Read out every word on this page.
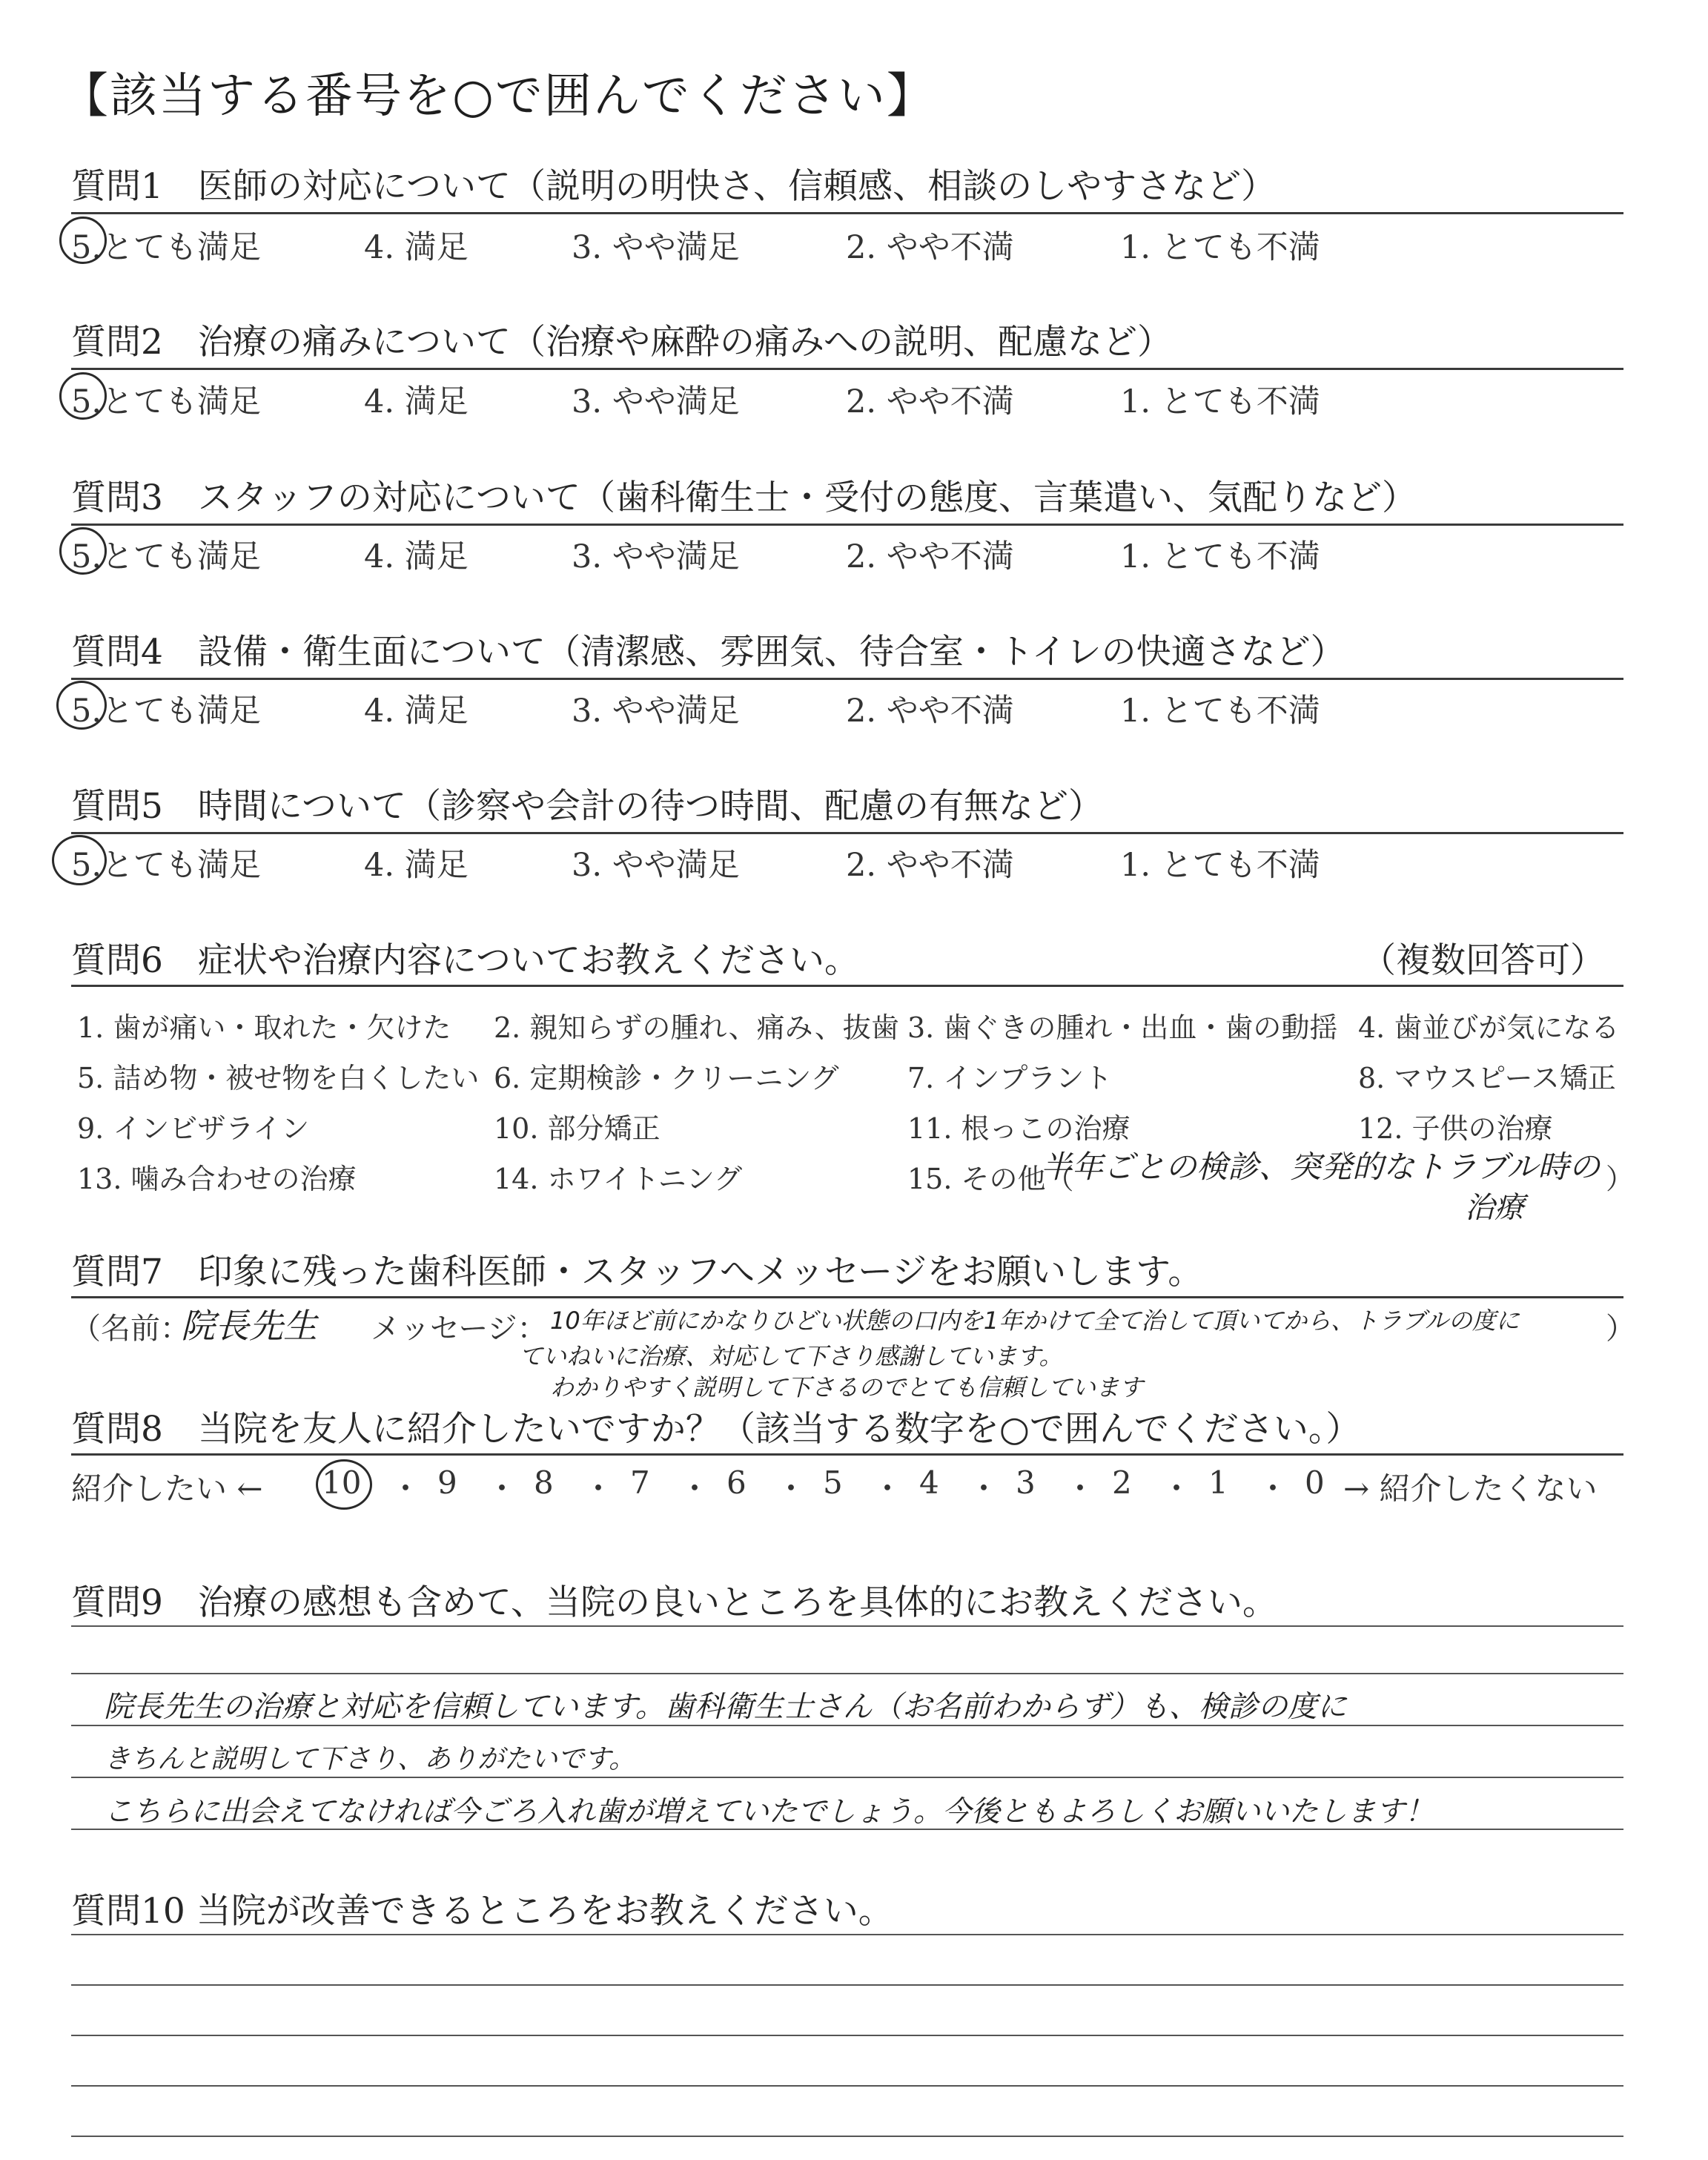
【該当する番号を○で囲んでください】
質問1　医師の対応について（説明の明快さ、信頼感、相談のしやすさなど）
5.とても満足	4. 満足	3. やや満足	2. やや不満	1. とても不満
質問2　治療の痛みについて（治療や麻酔の痛みへの説明、配慮など）
5.とても満足	4. 満足	3. やや満足	2. やや不満	1. とても不満
質問3　スタッフの対応について（歯科衛生士・受付の態度、言葉遣い、気配りなど）
5.とても満足	4. 満足	3. やや満足	2. やや不満	1. とても不満
質問4　設備・衛生面について（清潔感、雰囲気、待合室・トイレの快適さなど）
5.とても満足	4. 満足	3. やや満足	2. やや不満	1. とても不満
質問5　時間について（診察や会計の待つ時間、配慮の有無など）
5.とても満足	4. 満足	3. やや満足	2. やや不満	1. とても不満
質問6　症状や治療内容についてお教えください。	（複数回答可）
1. 歯が痛い・取れた・欠けた 2. 親知らずの腫れ、痛み、抜歯 3. 歯ぐきの腫れ・出血・歯の動揺 4. 歯並びが気になる
5. 詰め物・被せ物を白くしたい 6. 定期検診・クリーニング 7. インプラント	8. マウスピース矯正
9. インビザライン	10. 部分矯正	11. 根っこの治療	12. 子供の治療
13. 噛み合わせの治療	14. ホワイトニング	15. その他（
半年ごとの検診、突発的なトラブル時の
治療
）
質問7　印象に残った歯科医師・スタッフへメッセージをお願いします。
（名前：
院長先生 メッセージ： 10年ほど前にかなりひどい状態の口内を1年かけて全て治して頂いてから、トラブルの度に
ていねいに治療、対応して下さり感謝しています。
わかりやすく説明して下さるのでとても信頼しています
）
質問8　当院を友人に紹介したいですか？（該当する数字を○で囲んでください。）
紹介したい ← 10 ・ 9 ・ 8 ・ 7 ・ 6 ・ 5 ・ 4 ・ 3 ・ 2 ・ 1 ・ 0 → 紹介したくない
質問9　治療の感想も含めて、当院の良いところを具体的にお教えください。
院長先生の治療と対応を信頼しています。歯科衛生士さん（お名前わからず）も、検診の度に
きちんと説明して下さり、ありがたいです。
こちらに出会えてなければ今ごろ入れ歯が増えていたでしょう。今後ともよろしくお願いいたします！
質問10 当院が改善できるところをお教えください。
